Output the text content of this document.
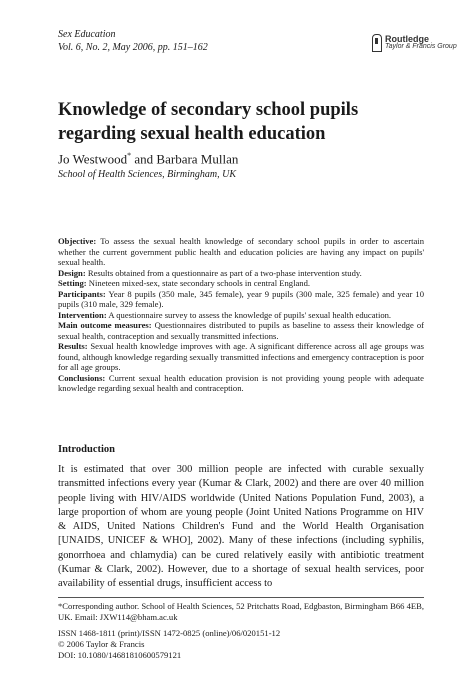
Sex Education
Vol. 6, No. 2, May 2006, pp. 151–162
Routledge
Taylor & Francis Group
Knowledge of secondary school pupils regarding sexual health education
Jo Westwood* and Barbara Mullan
School of Health Sciences, Birmingham, UK

Objective: To assess the sexual health knowledge of secondary school pupils in order to ascertain whether the current government public health and education policies are having any impact on pupils' sexual health.

Design: Results obtained from a questionnaire as part of a two-phase intervention study.

Setting: Nineteen mixed-sex, state secondary schools in central England.

Participants: Year 8 pupils (350 male, 345 female), year 9 pupils (300 male, 325 female) and year 10 pupils (310 male, 329 female).

Intervention: A questionnaire survey to assess the knowledge of pupils' sexual health education.

Main outcome measures: Questionnaires distributed to pupils as baseline to assess their knowledge of sexual health, contraception and sexually transmitted infections.

Results: Sexual health knowledge improves with age. A significant difference across all age groups was found, although knowledge regarding sexually transmitted infections and emergency contraception is poor for all age groups.

Conclusions: Current sexual health education provision is not providing young people with adequate knowledge regarding sexual health and contraception.

Introduction

It is estimated that over 300 million people are infected with curable sexually transmitted infections every year (Kumar & Clark, 2002) and there are over 40 million people living with HIV/AIDS worldwide (United Nations Population Fund, 2003), a large proportion of whom are young people (Joint United Nations Programme on HIV & AIDS, United Nations Children's Fund and the World Health Organisation [UNAIDS, UNICEF & WHO], 2002). Many of these infections (including syphilis, gonorrhoea and chlamydia) can be cured relatively easily with antibiotic treatment (Kumar & Clark, 2002). However, due to a shortage of sexual health services, poor availability of essential drugs, insufficient access to

*Corresponding author. School of Health Sciences, 52 Pritchatts Road, Edgbaston, Birmingham B66 4EB, UK. Email: JXW114@bham.ac.uk
ISSN 1468-1811 (print)/ISSN 1472-0825 (online)/06/020151-12
© 2006 Taylor & Francis
DOI: 10.1080/14681810600579121
